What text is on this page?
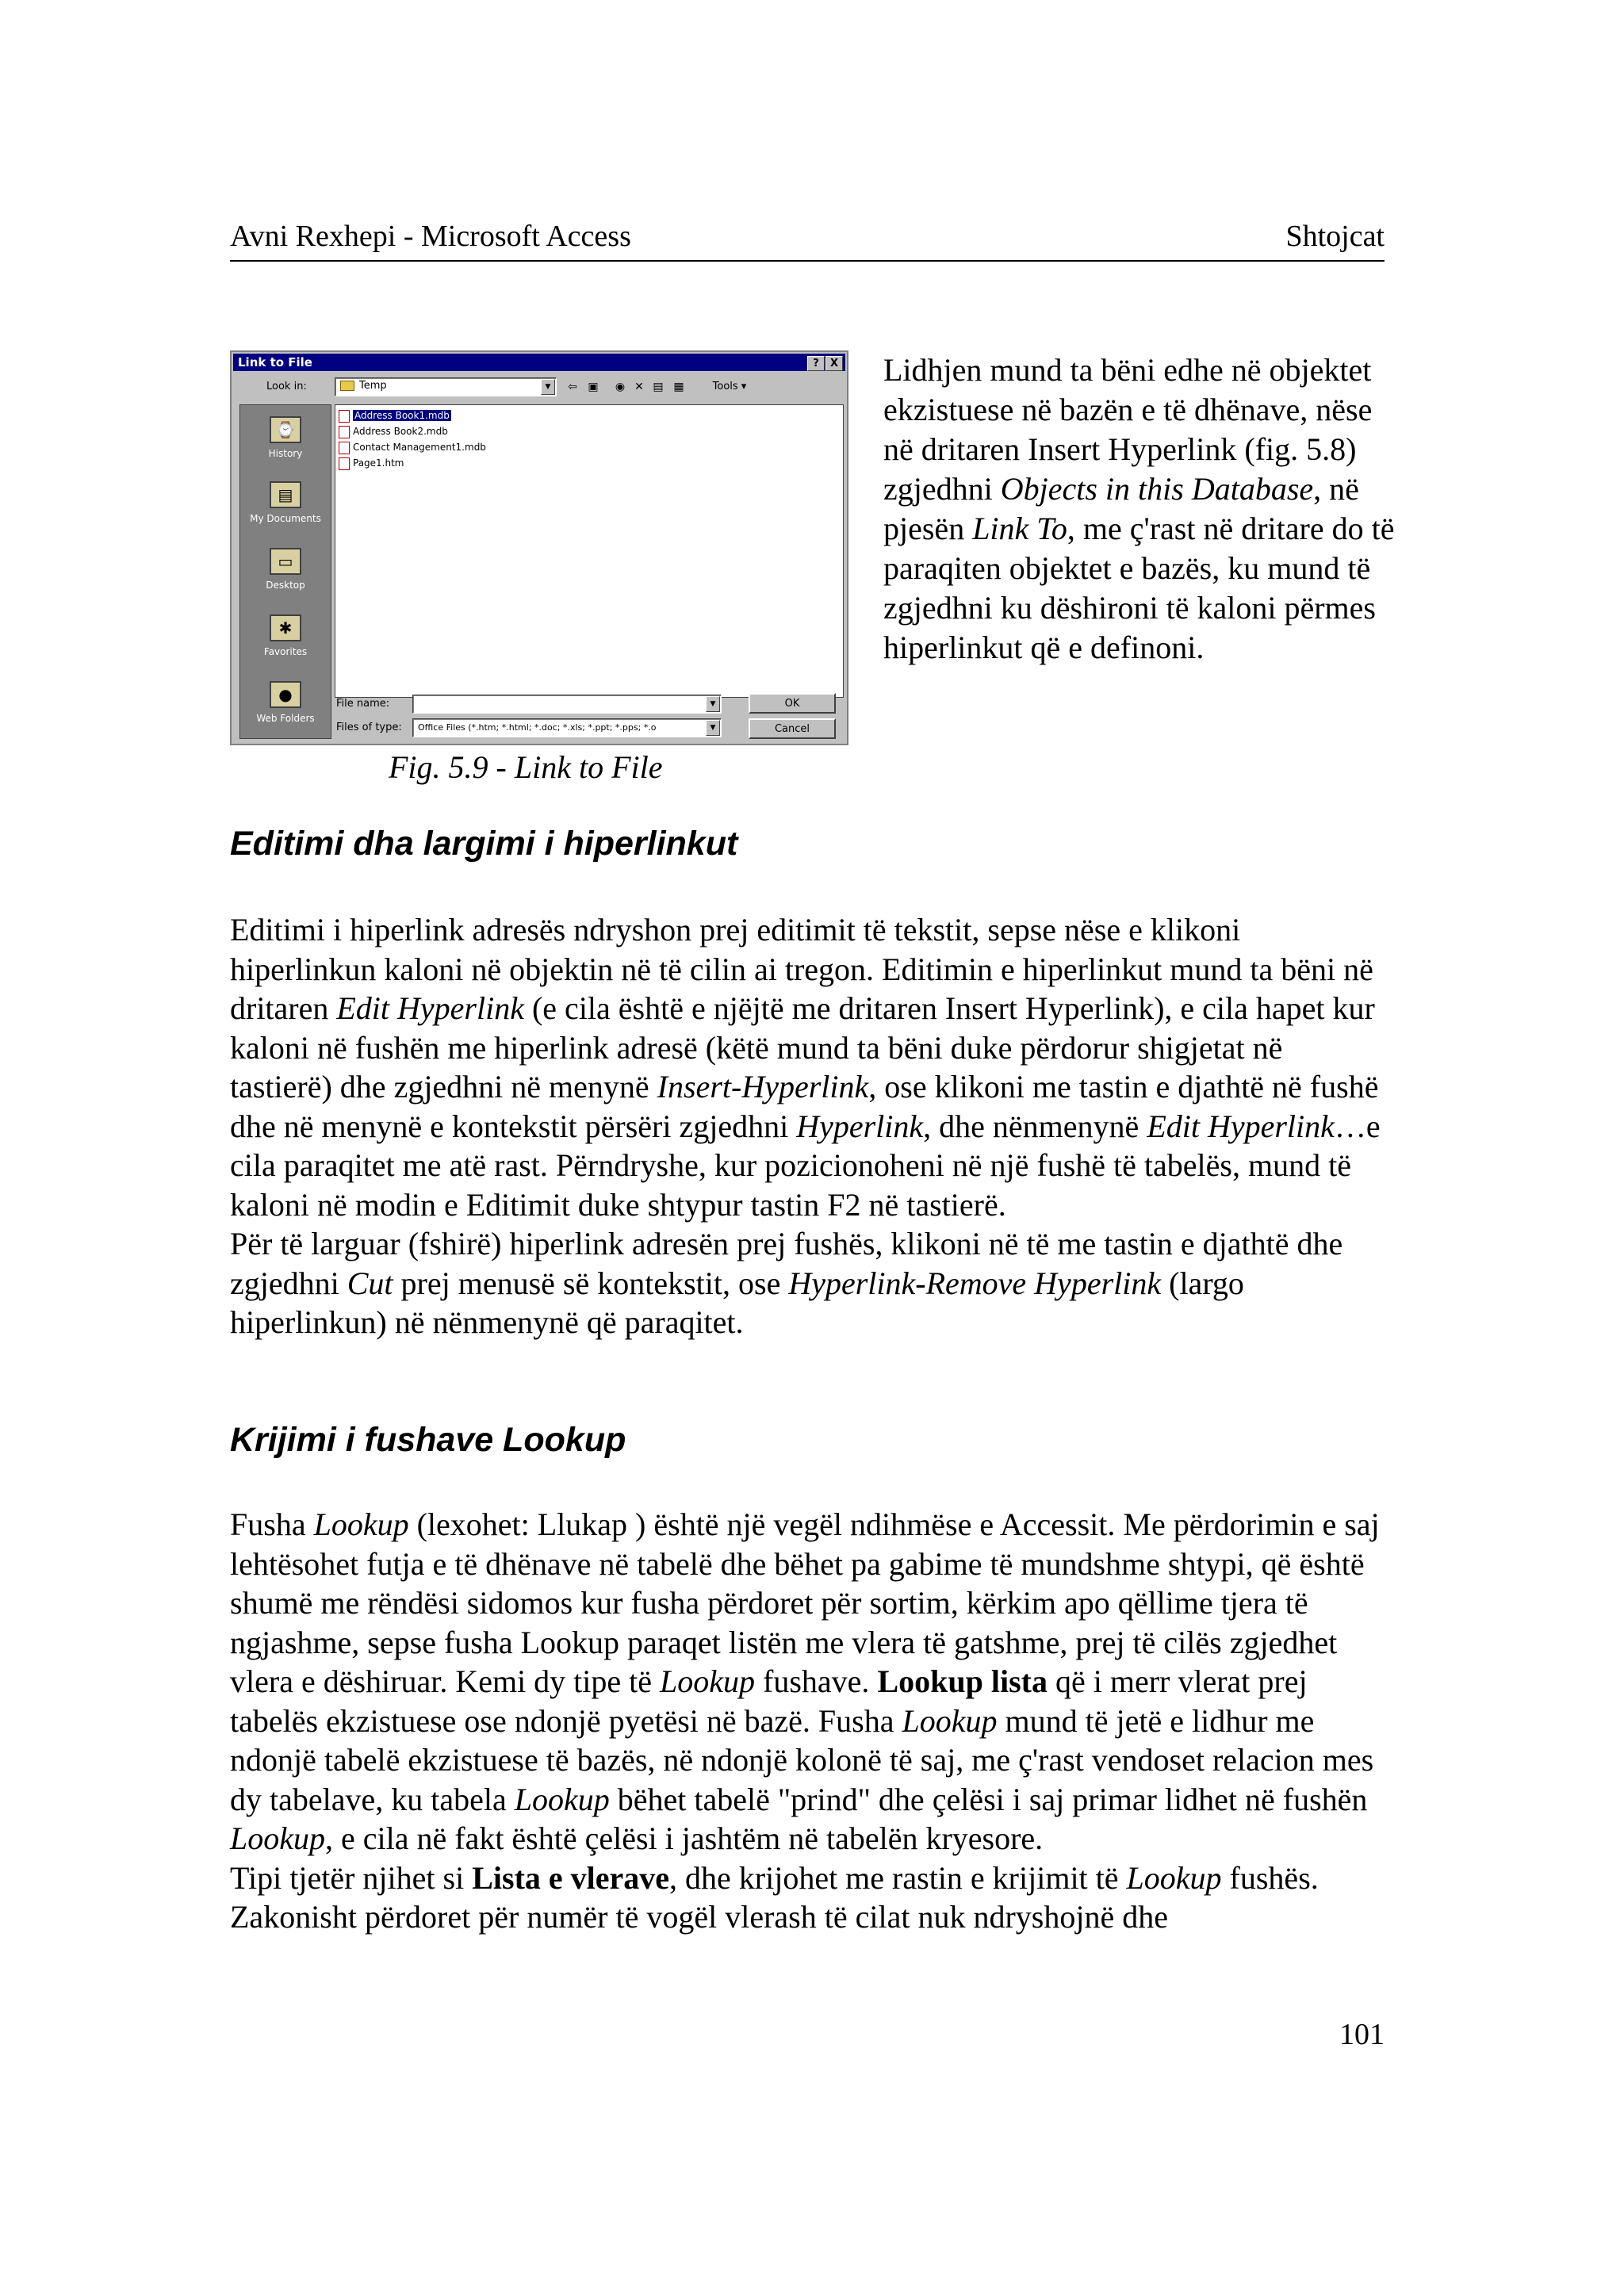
Avni Rexhepi - Microsoft Access	Shtojcat
Link to File	?	X
Look in:	Temp	▼	⇦ ▣ ◉ ✕ ▤ ▦	Tools ▾
⌚
History
▤
My Documents
▭
Desktop
✱
Favorites
●
Web Folders
Address Book1.mdb
Address Book2.mdb
Contact Management1.mdb
Page1.htm
File name:	▼
Files of type: Office Files (*.htm; *.html; *.doc; *.xls; *.ppt; *.pps; *.o	▼
OK
Cancel
Fig. 5.9 - Link to File
Lidhjen mund ta bëni edhe në objektet ekzistuese në bazën e të dhënave, nëse në dritaren Insert Hyperlink (fig. 5.8) zgjedhni Objects in this Database, në pjesën Link To, me ç'rast në dritare do të paraqiten objektet e bazës, ku mund të zgjedhni ku dëshironi të kaloni përmes hiperlinkut që e definoni.
Editimi dha largimi i hiperlinkut

Editimi i hiperlink adresës ndryshon prej editimit të tekstit, sepse nëse e klikoni hiperlinkun kaloni në objektin në të cilin ai tregon. Editimin e hiperlinkut mund ta bëni në dritaren Edit Hyperlink (e cila është e njëjtë me dritaren Insert Hyperlink), e cila hapet kur kaloni në fushën me hiperlink adresë (këtë mund ta bëni duke përdorur shigjetat në tastierë) dhe zgjedhni në menynë Insert-Hyperlink, ose klikoni me tastin e djathtë në fushë dhe në menynë e kontekstit përsëri zgjedhni Hyperlink, dhe nënmenynë Edit Hyperlink…e cila paraqitet me atë rast. Përndryshe, kur pozicionoheni në një fushë të tabelës, mund të kaloni në modin e Editimit duke shtypur tastin F2 në tastierë.

Për të larguar (fshirë) hiperlink adresën prej fushës, klikoni në të me tastin e djathtë dhe zgjedhni Cut prej menusë së kontekstit, ose Hyperlink-Remove Hyperlink (largo hiperlinkun) në nënmenynë që paraqitet.

Krijimi i fushave Lookup

Fusha Lookup (lexohet: Llukap ) është një vegël ndihmëse e Accessit. Me përdorimin e saj lehtësohet futja e të dhënave në tabelë dhe bëhet pa gabime të mundshme shtypi, që është shumë me rëndësi sidomos kur fusha përdoret për sortim, kërkim apo qëllime tjera të ngjashme, sepse fusha Lookup paraqet listën me vlera të gatshme, prej të cilës zgjedhet vlera e dëshiruar. Kemi dy tipe të Lookup fushave. Lookup lista që i merr vlerat prej tabelës ekzistuese ose ndonjë pyetësi në bazë. Fusha Lookup mund të jetë e lidhur me ndonjë tabelë ekzistuese të bazës, në ndonjë kolonë të saj, me ç'rast vendoset relacion mes dy tabelave, ku tabela Lookup bëhet tabelë "prind" dhe çelësi i saj primar lidhet në fushën Lookup, e cila në fakt është çelësi i jashtëm në tabelën kryesore.

Tipi tjetër njihet si Lista e vlerave, dhe krijohet me rastin e krijimit të Lookup fushës. Zakonisht përdoret për numër të vogël vlerash të cilat nuk ndryshojnë dhe

101
